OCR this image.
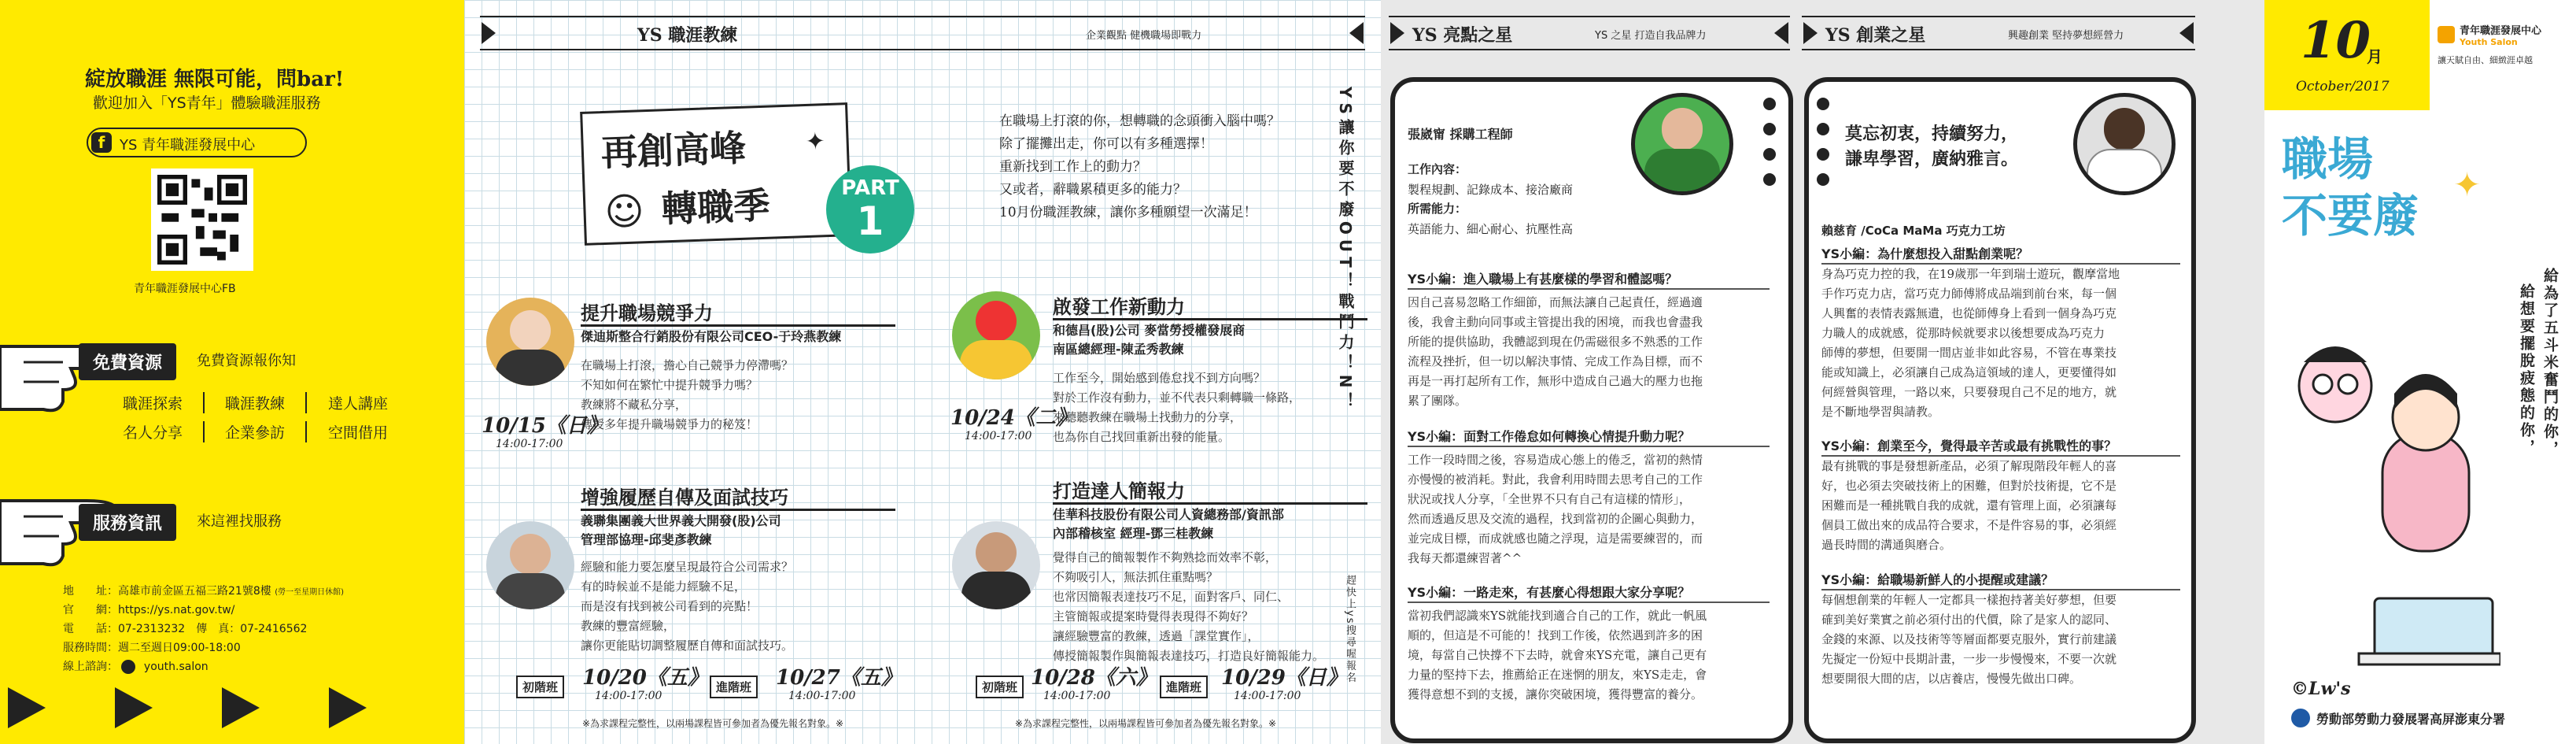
綻放職涯 無限可能，問bar!
歡迎加入「YS青年」體驗職涯服務
f	YS 青年職涯發展中心
青年職涯發展中心FB
免費資源	免費資源報你知
職涯探索	職涯教練	達人講座
名人分享	企業參訪	空間借用
服務資訊	來這裡找服務
地　　址：高雄市前金區五福三路21號8樓 (勞一至星期日休館)
官　　網：https://ys.nat.gov.tw/
電　　話：07-2313232　傳　真：07-2416562
服務時間：週二至週日09:00-18:00
線上諮詢： youth.salon
YS 職涯教練	企業觀點 健機職場即戰力
再創高峰
轉職季
☺
✦
PART
1
在職場上打滾的你，想轉職的念頭衝入腦中嗎？
除了擺攤出走，你可以有多種選擇！
重新找到工作上的動力？
又或者，辭職累積更多的能力？
10月份職涯教練，讓你多種願望一次滿足！
提升職場競爭力
傑迪斯整合行銷股份有限公司CEO-于玲燕教練
在職場上打滾，擔心自己競爭力停滯嗎？
不知如何在繁忙中提升競爭力嗎？
教練將不藏私分享，
傳授多年提升職場競爭力的秘笈！
10/15《日》
14:00-17:00
啟發工作新動力
和德昌(股)公司 麥當勞授權發展商
南區總經理-陳孟秀教練
工作至今，開始感到倦怠找不到方向嗎？
對於工作沒有動力，並不代表只剩轉職一條路，
來聽聽教練在職場上找動力的分享，
也為你自己找回重新出發的能量。
10/24《二》
14:00-17:00
增強履歷自傳及面試技巧
義聯集團義大世界義大開發(股)公司
管理部協理-邱斐彥教練
經驗和能力要怎麼呈現最符合公司需求？
有的時候並不是能力經驗不足，
而是沒有找到被公司看到的亮點！
教練的豐富經驗，
讓你更能貼切調整履歷自傳和面試技巧。
初階班	10/20《五》
14:00-17:00
進階班	10/27《五》
14:00-17:00
※為求課程完整性，以兩場課程皆可參加者為優先報名對象。※
打造達人簡報力
佳華科技股份有限公司人資總務部/資訊部
內部稽核室 經理-鄧三桂教練
覺得自己的簡報製作不夠熟捻而效率不彰，
不夠吸引人，無法抓住重點嗎？
也常因簡報表達技巧不足，面對客戶、同仁、
主管簡報或提案時覺得表現得不夠好？
讓經驗豐富的教練，透過「課堂實作」，
傳授簡報製作與簡報表達技巧，打造良好簡報能力。
初階班 10/28《六》
14:00-17:00
進階班 10/29《日》
14:00-17:00
※為求課程完整性，以兩場課程皆可參加者為優先報名對象。※
YS讓你要不廢OUT！戰鬥力！N！
趕快上ys搜尋喔報名
YS 亮點之星	YS 之星 打造自我品牌力	YS 創業之星	興趣創業 堅持夢想經營力
張崴甯 採購工程師
工作內容：
製程規劃、記錄成本、接洽廠商
所需能力：
英語能力、細心耐心、抗壓性高
YS小編：進入職場上有甚麼樣的學習和體認嗎？
因自己喜易忽略工作細節，而無法讓自己起責任，經過適
後，我會主動向同事或主管提出我的困境，而我也會盡我
所能的提供協助，我體認到現在仍需磁很多不熟悉的工作
流程及挫折，但一切以解決事情、完成工作為目標，而不
再是一再打起所有工作，無形中造成自己過大的壓力也拖
累了團隊。
YS小編：面對工作倦怠如何轉換心情提升動力呢？
工作一段時間之後，容易造成心態上的倦乏，當初的熱情
亦慢慢的被消耗。對此，我會利用時間去思考自己的工作
狀況或找人分享，「全世界不只有自己有這樣的情形」，
然而透過反思及交流的過程，找到當初的企圖心與動力，
並完成目標，而成就感也隨之浮現，這是需要練習的，而
我每天都還練習著^^
YS小編：一路走來，有甚麼心得想跟大家分享呢？
當初我們認識來YS就能找到適合自己的工作，就此一帆風
順的，但這是不可能的！找到工作後，依然遇到許多的困
境，每當自己快撐不下去時，就會來YS充電，讓自己更有
力量的堅持下去，推薦給正在迷惘的朋友，來YS走走，會
獲得意想不到的支援，讓你突破困境，獲得豐富的養分。
莫忘初衷，持續努力，
謙卑學習，廣納雅言。
賴慈育 /CoCa MaMa 巧克力工坊
YS小編：為什麼想投入甜點創業呢？
身為巧克力控的我，在19歲那一年到瑞士遊玩，觀摩當地
手作巧克力店，當巧克力師傅將成品端到前台來，每一個
人興奮的表情表露無遺，也從師傅身上看到一個身為巧克
力職人的成就感，從那時候就要求以後想要成為巧克力
師傅的夢想，但要開一間店並非如此容易，不管在專業技
能或知識上，必須讓自己成為這領域的達人，更要懂得如
何經營與管理，一路以來，只要發現自己不足的地方，就
是不斷地學習與請教。
YS小編：創業至今，覺得最辛苦或最有挑戰性的事？
最有挑戰的事是發想新產品，必須了解現階段年輕人的喜
好，也必須去突破技術上的困難，但對於技術提，它不是
困難而是一種挑戰自我的成就，還有管理上面，必須讓每
個員工做出來的成品符合要求，不是件容易的事，必須經
過長時間的溝通與磨合。
YS小編：給職場新鮮人的小提醒或建議？
每個想創業的年輕人一定都具一樣抱持著美好夢想，但要
確到美好業實之前必須付出的代價，除了是家人的認同、
金錢的來源、以及技術等等層面都要克服外，實行前建議
先擬定一份短中長期計畫，一步一步慢慢來，不要一次就
想要開很大間的店，以店養店，慢慢先做出口碑。
10
月
October/2017
青年職涯發展中心
Youth Salon
讓天賦自由、細緻涯卓越
職場
不要廢
✦
給為了五斗米奮鬥的你，
給想要擺脫疲態的你，
©Lw's
勞動部勞動力發展署高屏澎東分署
